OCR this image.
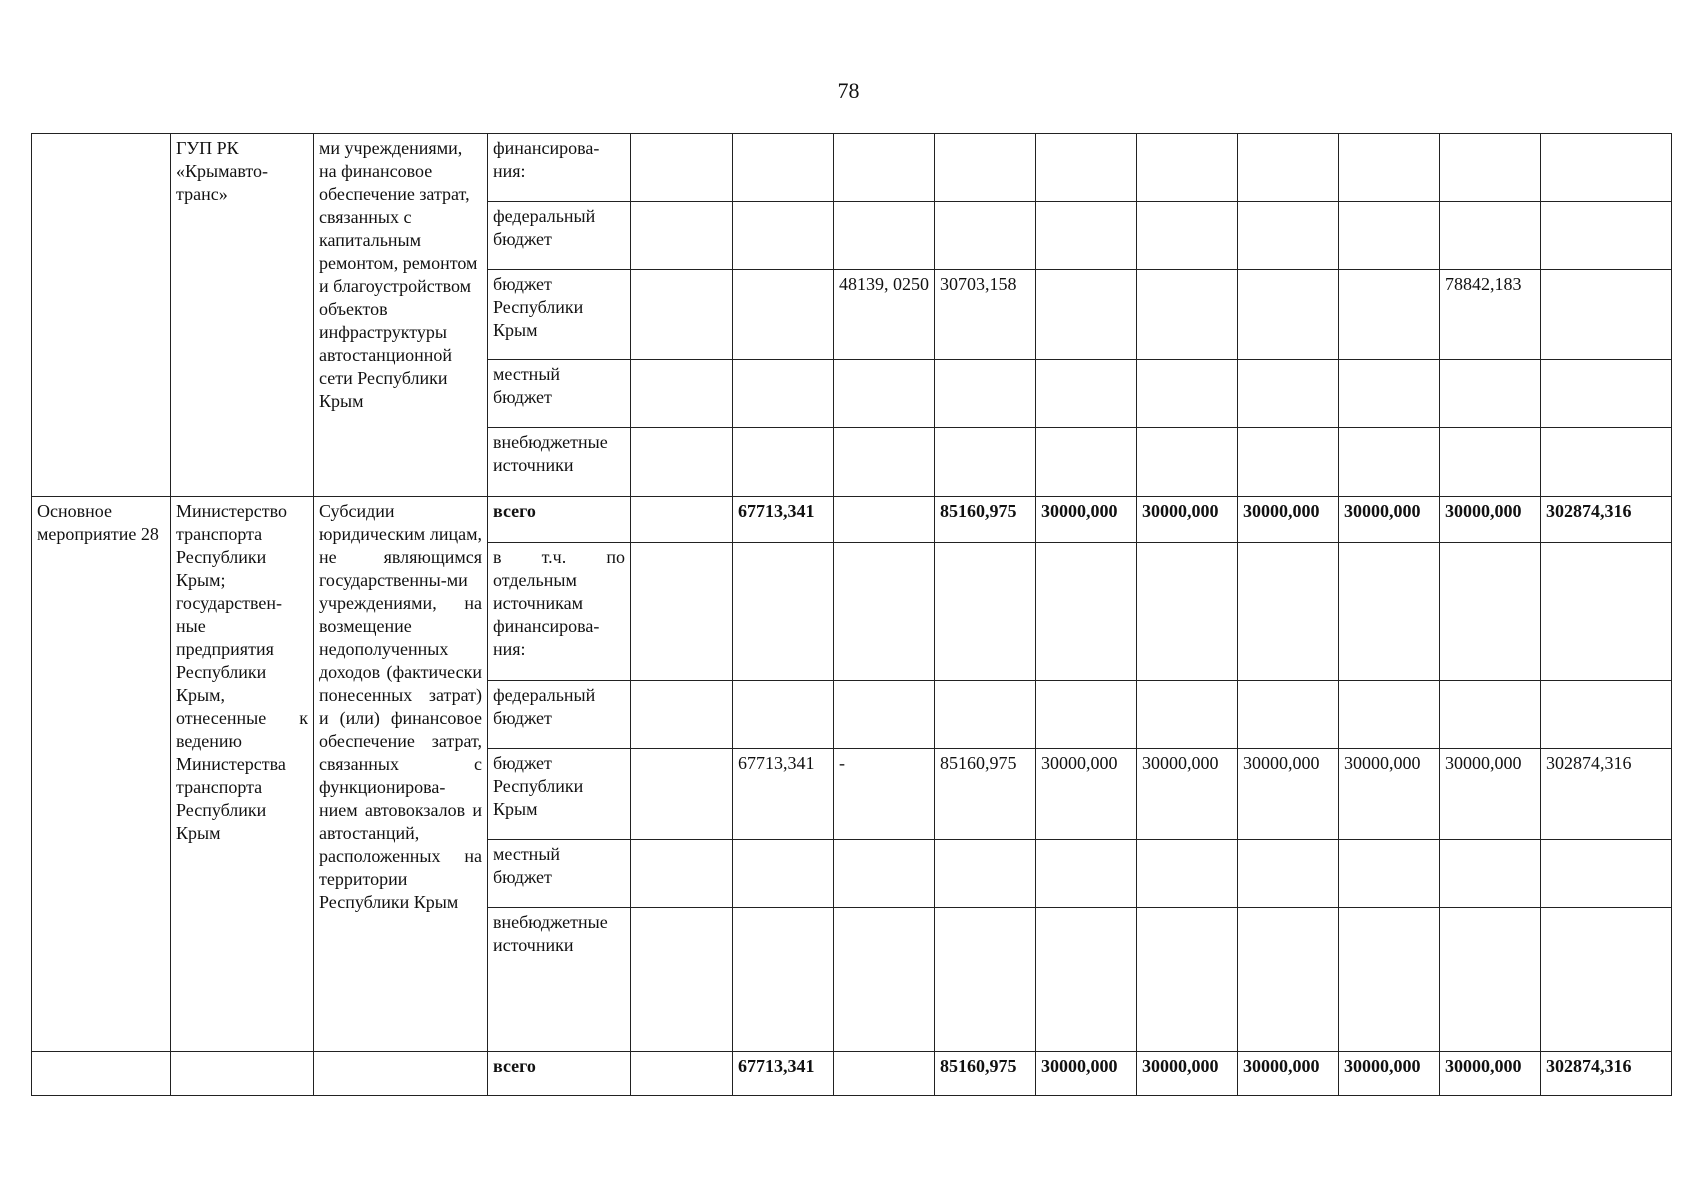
78
	ГУП РК «Крымавто-транс»	ми учреждениями, на финансовое обеспечение затрат, связанных с капитальным ремонтом, ремонтом и благоустройством объектов инфраструктуры автостанционной сети Республики Крым	финансирова-
ния:										
			федеральный
бюджет										
			бюджет
Республики
Крым			48139, 0250	30703,158					78842,183	
			местный
бюджет										
			внебюджетные
источники										
Основное мероприятие 28	Министерство транспорта Республики Крым; государствен-ные предприятия Республики Крым, отнесенные к ведению Министерства транспорта Республики Крым	Субсидии юридическим лицам, не являющимся государственны-ми учреждениями, на возмещение недополученных доходов (фактически понесенных затрат) и (или) финансовое обеспечение затрат, связанных с функционирова-нием автовокзалов и автостанций, расположенных на территории Республики Крым	всего		67713,341		85160,975	30000,000	30000,000	30000,000	30000,000	30000,000	302874,316
			в т.ч. по отдельным источникам финансирова-ния:										
			федеральный
бюджет										
			бюджет
Республики
Крым		67713,341	-	85160,975	30000,000	30000,000	30000,000	30000,000	30000,000	302874,316
			местный
бюджет										
			внебюджетные
источники										
			всего		67713,341		85160,975	30000,000	30000,000	30000,000	30000,000	30000,000	302874,316
